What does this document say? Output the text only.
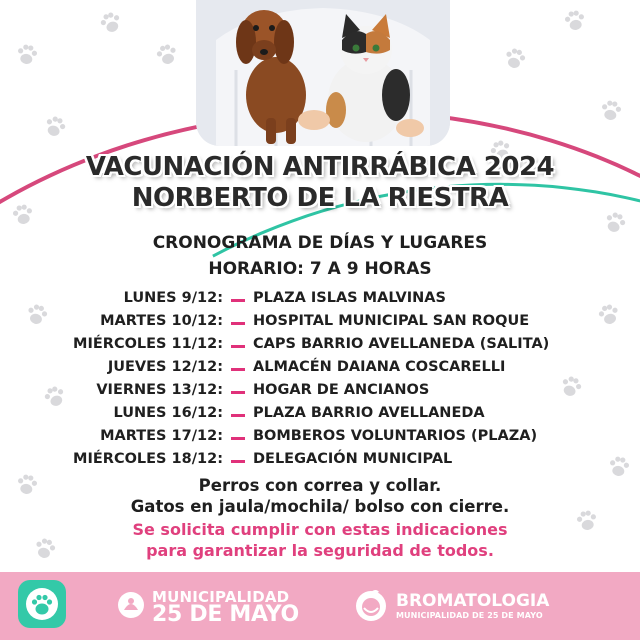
VACUNACIÓN ANTIRRÁBICA 2024
NORBERTO DE LA RIESTRA
CRONOGRAMA DE DÍAS Y LUGARES
HORARIO: 7 A 9 HORAS
LUNES 9/12: PLAZA ISLAS MALVINAS
MARTES 10/12: HOSPITAL MUNICIPAL SAN ROQUE
MIÉRCOLES 11/12: CAPS BARRIO AVELLANEDA (SALITA)
JUEVES 12/12: ALMACÉN DAIANA COSCARELLI
VIERNES 13/12: HOGAR DE ANCIANOS
LUNES 16/12: PLAZA BARRIO AVELLANEDA
MARTES 17/12: BOMBEROS VOLUNTARIOS (PLAZA)
MIÉRCOLES 18/12: DELEGACIÓN MUNICIPAL
Perros con correa y collar.
Gatos en jaula/mochila/ bolso con cierre.
Se solicita cumplir con estas indicaciones
para garantizar la seguridad de todos.
MUNICIPALIDAD
25 DE MAYO
BROMATOLOGIA
MUNICIPALIDAD DE 25 DE MAYO
